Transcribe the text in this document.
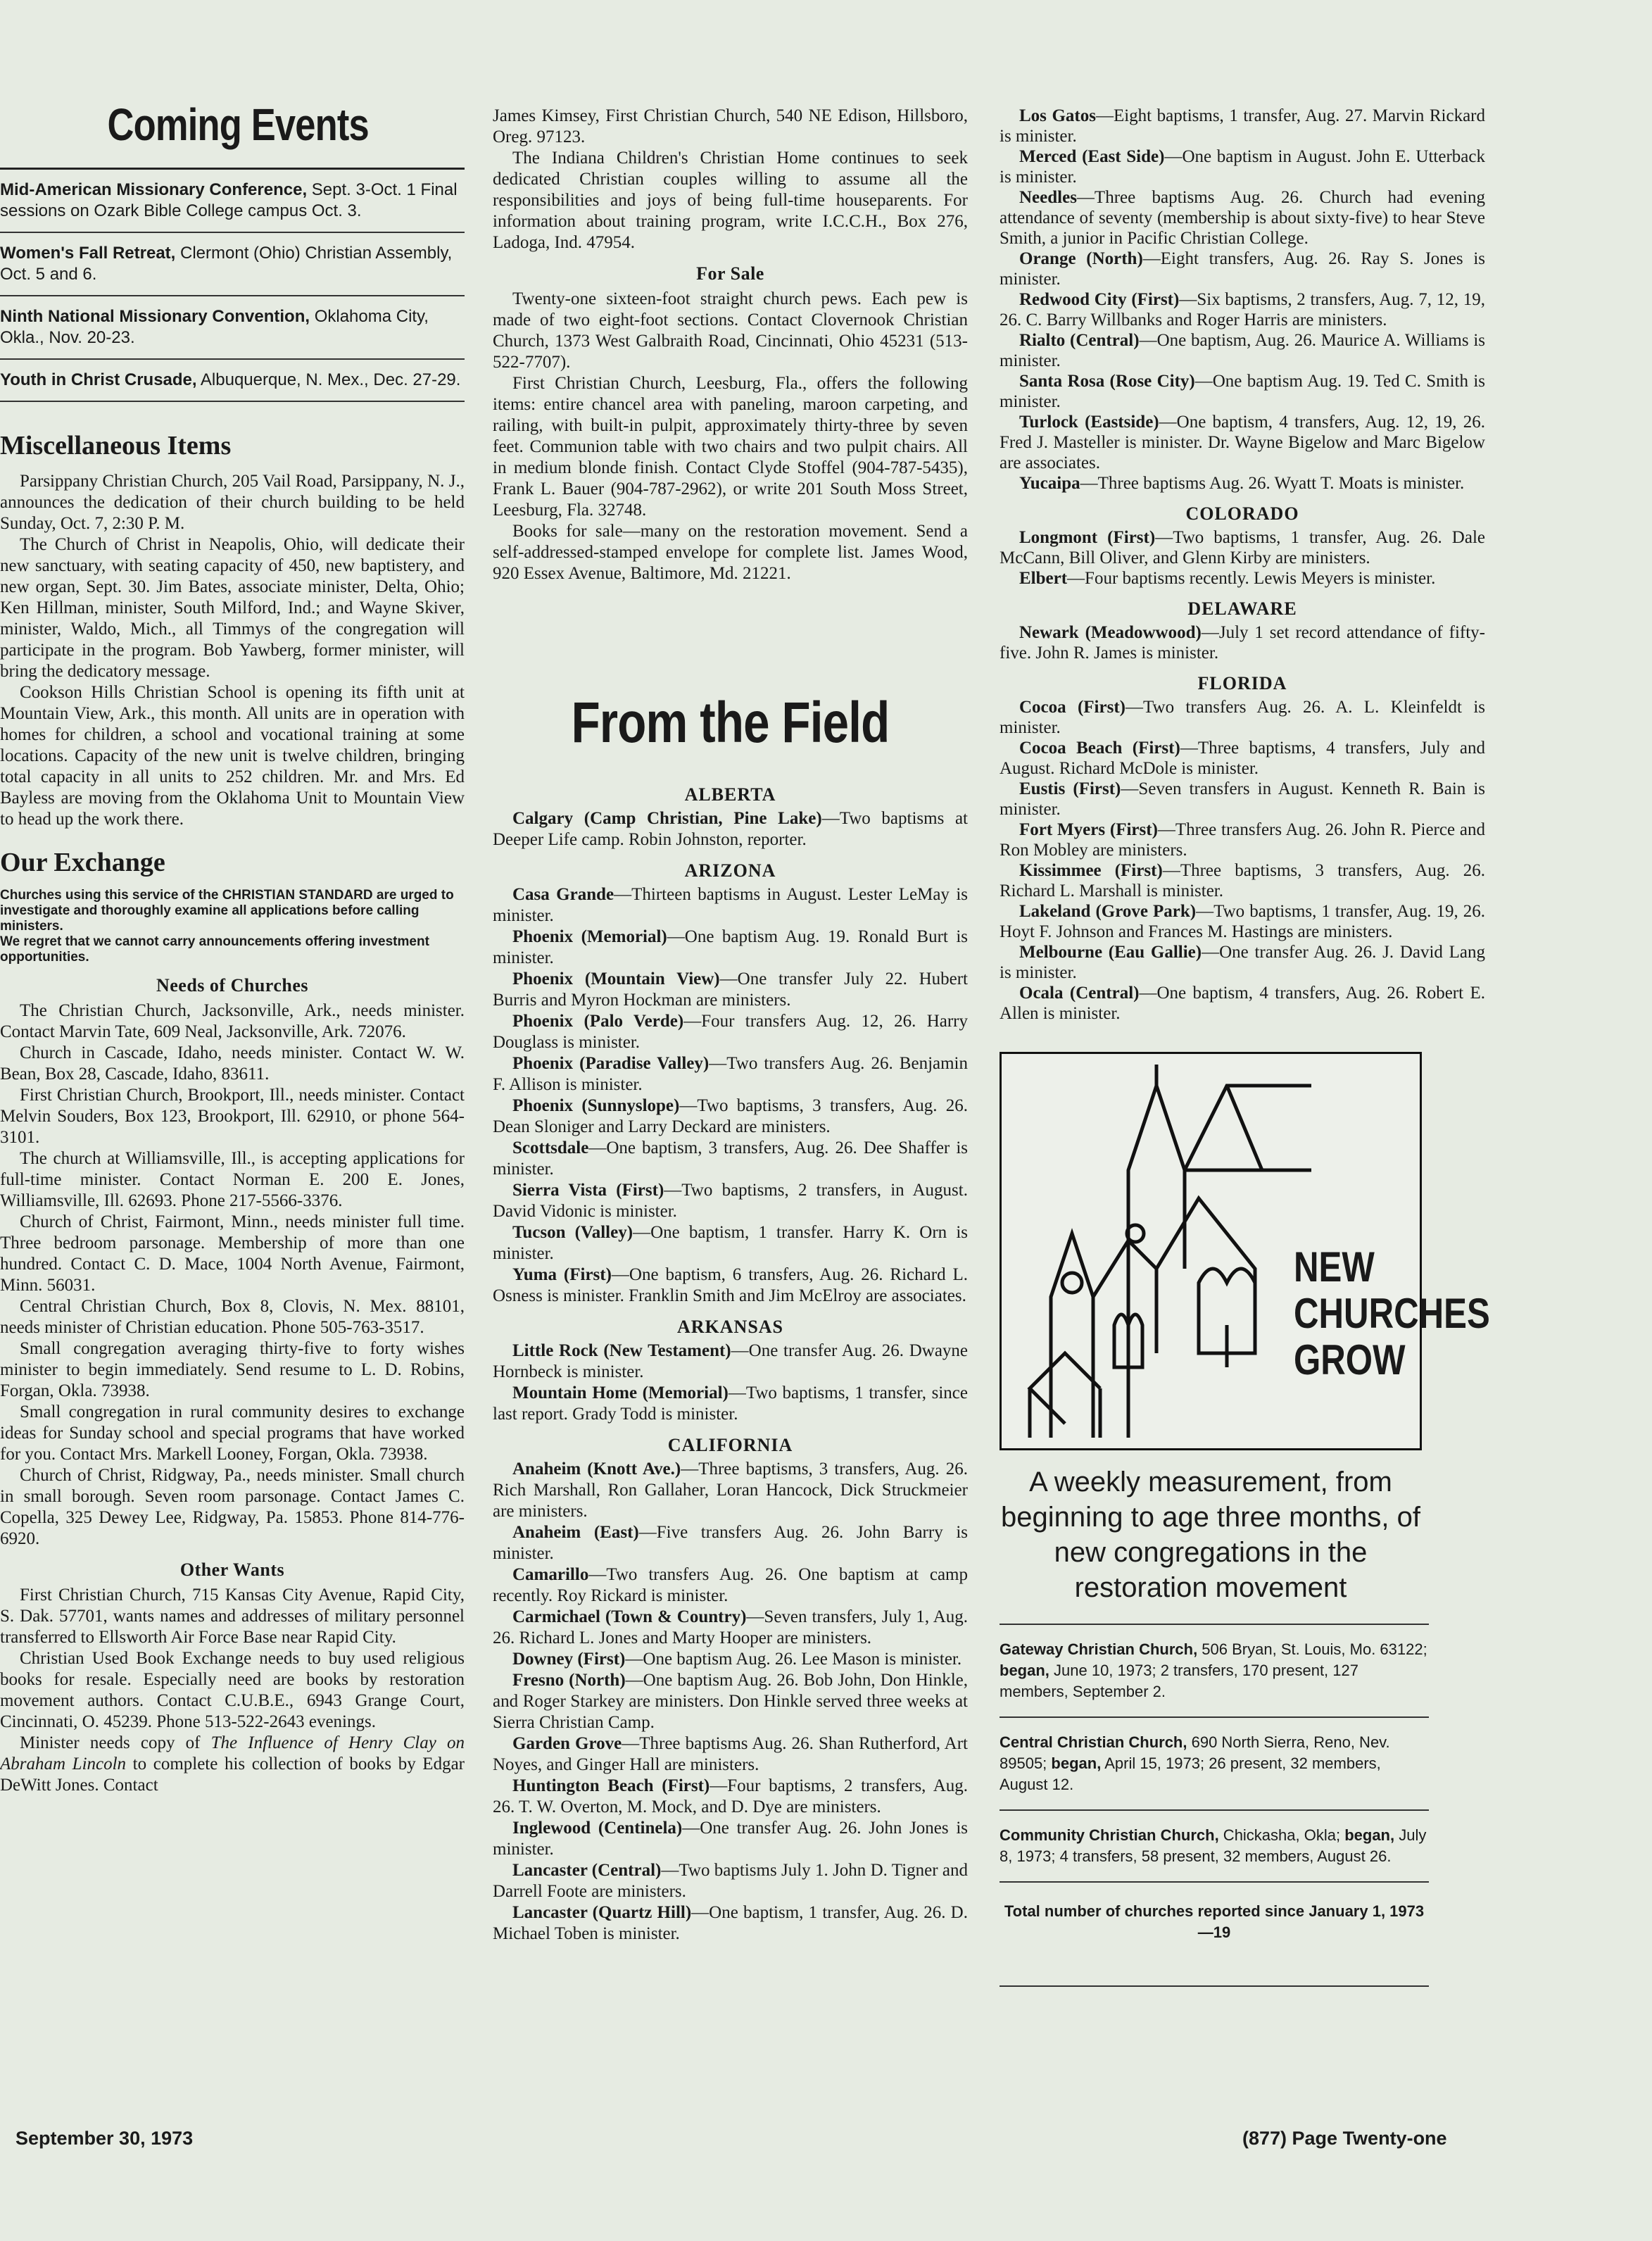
Coming Events
Mid-American Missionary Conference, Sept. 3-Oct. 1 Final sessions on Ozark Bible College campus Oct. 3.
Women's Fall Retreat, Clermont (Ohio) Christian Assembly, Oct. 5 and 6.
Ninth National Missionary Convention, Oklahoma City, Okla., Nov. 20-23.
Youth in Christ Crusade, Albuquerque, N. Mex., Dec. 27-29.
Miscellaneous Items

Parsippany Christian Church, 205 Vail Road, Parsippany, N. J., announces the dedication of their church building to be held Sunday, Oct. 7, 2:30 P. M.

The Church of Christ in Neapolis, Ohio, will dedicate their new sanctuary, with seating capacity of 450, new baptistery, and new organ, Sept. 30. Jim Bates, associate minister, Delta, Ohio; Ken Hillman, minister, South Milford, Ind.; and Wayne Skiver, minister, Waldo, Mich., all Timmys of the congregation will participate in the program. Bob Yawberg, former minister, will bring the dedicatory message.

Cookson Hills Christian School is opening its fifth unit at Mountain View, Ark., this month. All units are in operation with homes for children, a school and vocational training at some locations. Capacity of the new unit is twelve children, bringing total capacity in all units to 252 children. Mr. and Mrs. Ed Bayless are moving from the Oklahoma Unit to Mountain View to head up the work there.

Our Exchange

Churches using this service of the CHRISTIAN STANDARD are urged to investigate and thoroughly examine all applications before calling ministers.

We regret that we cannot carry announcements offering investment opportunities.

Needs of Churches

The Christian Church, Jacksonville, Ark., needs minister. Contact Marvin Tate, 609 Neal, Jacksonville, Ark. 72076.

Church in Cascade, Idaho, needs minister. Contact W. W. Bean, Box 28, Cascade, Idaho, 83611.

First Christian Church, Brookport, Ill., needs minister. Contact Melvin Souders, Box 123, Brookport, Ill. 62910, or phone 564-3101.

The church at Williamsville, Ill., is accepting applications for full-time minister. Contact Norman E. 200 E. Jones, Williamsville, Ill. 62693. Phone 217-5566-3376.

Church of Christ, Fairmont, Minn., needs minister full time. Three bedroom parsonage. Membership of more than one hundred. Contact C. D. Mace, 1004 North Avenue, Fairmont, Minn. 56031.

Central Christian Church, Box 8, Clovis, N. Mex. 88101, needs minister of Christian education. Phone 505-763-3517.

Small congregation averaging thirty-five to forty wishes minister to begin immediately. Send resume to L. D. Robins, Forgan, Okla. 73938.

Small congregation in rural community desires to exchange ideas for Sunday school and special programs that have worked for you. Contact Mrs. Markell Looney, Forgan, Okla. 73938.

Church of Christ, Ridgway, Pa., needs minister. Small church in small borough. Seven room parsonage. Contact James C. Copella, 325 Dewey Lee, Ridgway, Pa. 15853. Phone 814-776-6920.

Other Wants

First Christian Church, 715 Kansas City Avenue, Rapid City, S. Dak. 57701, wants names and addresses of military personnel transferred to Ellsworth Air Force Base near Rapid City.

Christian Used Book Exchange needs to buy used religious books for resale. Especially need are books by restoration movement authors. Contact C.U.B.E., 6943 Grange Court, Cincinnati, O. 45239. Phone 513-522-2643 evenings.

Minister needs copy of The Influence of Henry Clay on Abraham Lincoln to complete his collection of books by Edgar DeWitt Jones. Contact

James Kimsey, First Christian Church, 540 NE Edison, Hillsboro, Oreg. 97123.

The Indiana Children's Christian Home continues to seek dedicated Christian couples willing to assume all the responsibilities and joys of being full-time houseparents. For information about training program, write I.C.C.H., Box 276, Ladoga, Ind. 47954.

For Sale

Twenty-one sixteen-foot straight church pews. Each pew is made of two eight-foot sections. Contact Clovernook Christian Church, 1373 West Galbraith Road, Cincinnati, Ohio 45231 (513-522-7707).

First Christian Church, Leesburg, Fla., offers the following items: entire chancel area with paneling, maroon carpeting, and railing, with built-in pulpit, approximately thirty-three by seven feet. Communion table with two chairs and two pulpit chairs. All in medium blonde finish. Contact Clyde Stoffel (904-787-5435), Frank L. Bauer (904-787-2962), or write 201 South Moss Street, Leesburg, Fla. 32748.

Books for sale—many on the restoration movement. Send a self-addressed-stamped envelope for complete list. James Wood, 920 Essex Avenue, Baltimore, Md. 21221.

From the Field
ALBERTA

Calgary (Camp Christian, Pine Lake)—Two baptisms at Deeper Life camp. Robin Johnston, reporter.

ARIZONA

Casa Grande—Thirteen baptisms in August. Lester LeMay is minister.

Phoenix (Memorial)—One baptism Aug. 19. Ronald Burt is minister.

Phoenix (Mountain View)—One transfer July 22. Hubert Burris and Myron Hockman are ministers.

Phoenix (Palo Verde)—Four transfers Aug. 12, 26. Harry Douglass is minister.

Phoenix (Paradise Valley)—Two transfers Aug. 26. Benjamin F. Allison is minister.

Phoenix (Sunnyslope)—Two baptisms, 3 transfers, Aug. 26. Dean Sloniger and Larry Deckard are ministers.

Scottsdale—One baptism, 3 transfers, Aug. 26. Dee Shaffer is minister.

Sierra Vista (First)—Two baptisms, 2 transfers, in August. David Vidonic is minister.

Tucson (Valley)—One baptism, 1 transfer. Harry K. Orn is minister.

Yuma (First)—One baptism, 6 transfers, Aug. 26. Richard L. Osness is minister. Franklin Smith and Jim McElroy are associates.

ARKANSAS

Little Rock (New Testament)—One transfer Aug. 26. Dwayne Hornbeck is minister.

Mountain Home (Memorial)—Two baptisms, 1 transfer, since last report. Grady Todd is minister.

CALIFORNIA

Anaheim (Knott Ave.)—Three baptisms, 3 transfers, Aug. 26. Rich Marshall, Ron Gallaher, Loran Hancock, Dick Struckmeier are ministers.

Anaheim (East)—Five transfers Aug. 26. John Barry is minister.

Camarillo—Two transfers Aug. 26. One baptism at camp recently. Roy Rickard is minister.

Carmichael (Town & Country)—Seven transfers, July 1, Aug. 26. Richard L. Jones and Marty Hooper are ministers.

Downey (First)—One baptism Aug. 26. Lee Mason is minister.

Fresno (North)—One baptism Aug. 26. Bob John, Don Hinkle, and Roger Starkey are ministers. Don Hinkle served three weeks at Sierra Christian Camp.

Garden Grove—Three baptisms Aug. 26. Shan Rutherford, Art Noyes, and Ginger Hall are ministers.

Huntington Beach (First)—Four baptisms, 2 transfers, Aug. 26. T. W. Overton, M. Mock, and D. Dye are ministers.

Inglewood (Centinela)—One transfer Aug. 26. John Jones is minister.

Lancaster (Central)—Two baptisms July 1. John D. Tigner and Darrell Foote are ministers.

Lancaster (Quartz Hill)—One baptism, 1 transfer, Aug. 26. D. Michael Toben is minister.

Los Gatos—Eight baptisms, 1 transfer, Aug. 27. Marvin Rickard is minister.

Merced (East Side)—One baptism in August. John E. Utterback is minister.

Needles—Three baptisms Aug. 26. Church had evening attendance of seventy (membership is about sixty-five) to hear Steve Smith, a junior in Pacific Christian College.

Orange (North)—Eight transfers, Aug. 26. Ray S. Jones is minister.

Redwood City (First)—Six baptisms, 2 transfers, Aug. 7, 12, 19, 26. C. Barry Willbanks and Roger Harris are ministers.

Rialto (Central)—One baptism, Aug. 26. Maurice A. Williams is minister.

Santa Rosa (Rose City)—One baptism Aug. 19. Ted C. Smith is minister.

Turlock (Eastside)—One baptism, 4 transfers, Aug. 12, 19, 26. Fred J. Masteller is minister. Dr. Wayne Bigelow and Marc Bigelow are associates.

Yucaipa—Three baptisms Aug. 26. Wyatt T. Moats is minister.

COLORADO

Longmont (First)—Two baptisms, 1 transfer, Aug. 26. Dale McCann, Bill Oliver, and Glenn Kirby are ministers.

Elbert—Four baptisms recently. Lewis Meyers is minister.

DELAWARE

Newark (Meadowwood)—July 1 set record attendance of fifty-five. John R. James is minister.

FLORIDA

Cocoa (First)—Two transfers Aug. 26. A. L. Kleinfeldt is minister.

Cocoa Beach (First)—Three baptisms, 4 transfers, July and August. Richard McDole is minister.

Eustis (First)—Seven transfers in August. Kenneth R. Bain is minister.

Fort Myers (First)—Three transfers Aug. 26. John R. Pierce and Ron Mobley are ministers.

Kissimmee (First)—Three baptisms, 3 transfers, Aug. 26. Richard L. Marshall is minister.

Lakeland (Grove Park)—Two baptisms, 1 transfer, Aug. 19, 26. Hoyt F. Johnson and Frances M. Hastings are ministers.

Melbourne (Eau Gallie)—One transfer Aug. 26. J. David Lang is minister.

Ocala (Central)—One baptism, 4 transfers, Aug. 26. Robert E. Allen is minister.

NEW
CHURCHES
GROW
A weekly measurement, from beginning to age three months, of new congregations in the restoration movement
Gateway Christian Church, 506 Bryan, St. Louis, Mo. 63122; began, June 10, 1973; 2 transfers, 170 present, 127 members, September 2.
Central Christian Church, 690 North Sierra, Reno, Nev. 89505; began, April 15, 1973; 26 present, 32 members, August 12.
Community Christian Church, Chickasha, Okla; began, July 8, 1973; 4 transfers, 58 present, 32 members, August 26.
Total number of churches reported since January 1, 1973—19
September 30, 1973	(877) Page Twenty-one
